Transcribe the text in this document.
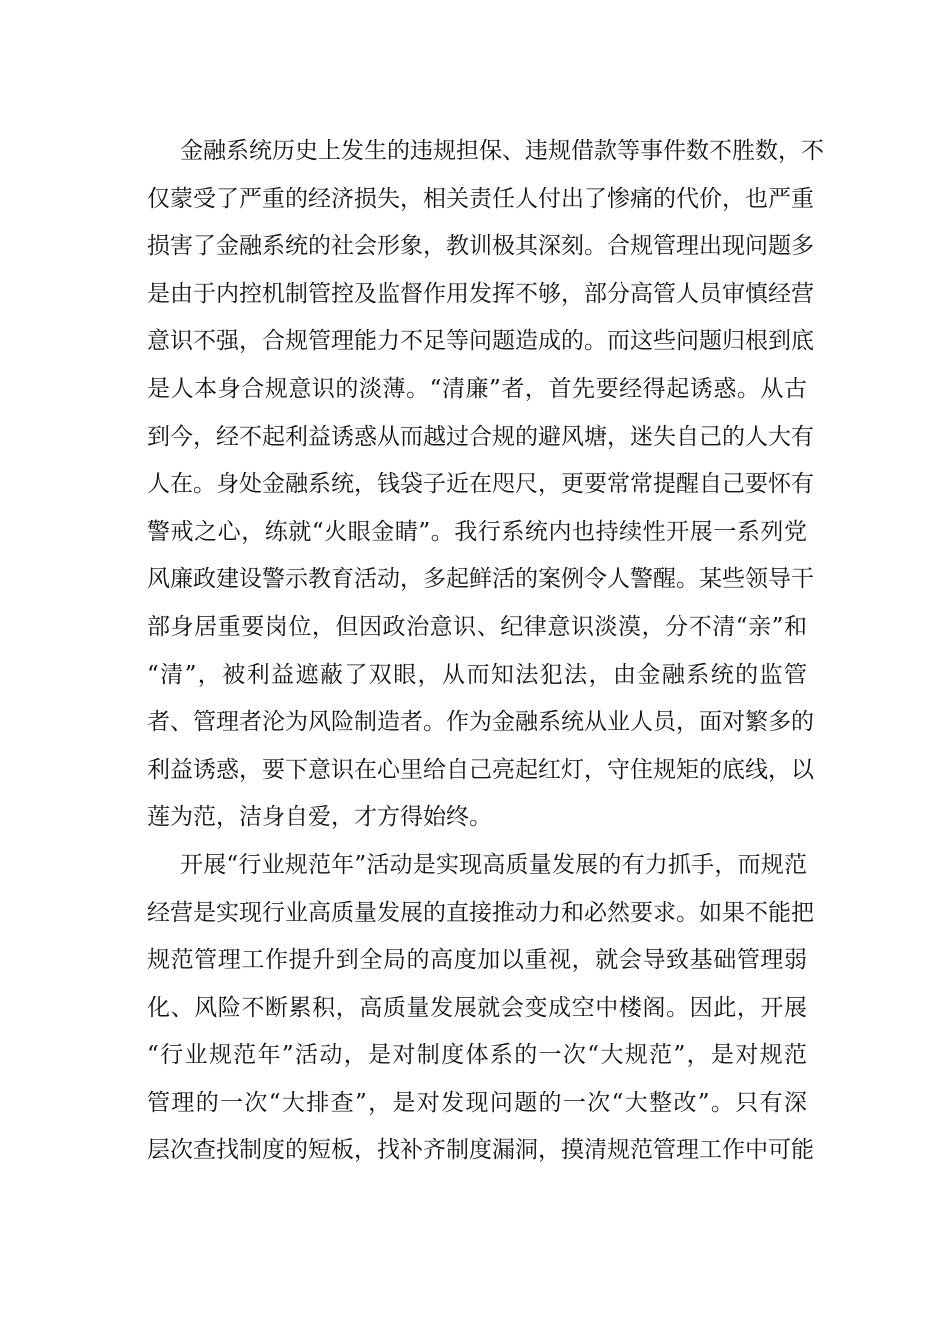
金融系统历史上发生的违规担保、违规借款等事件数不胜数，不
仅蒙受了严重的经济损失，相关责任人付出了惨痛的代价，也严重
损害了金融系统的社会形象，教训极其深刻。合规管理出现问题多
是由于内控机制管控及监督作用发挥不够，部分高管人员审慎经营
意识不强，合规管理能力不足等问题造成的。而这些问题归根到底
是人本身合规意识的淡薄。“清廉”者，首先要经得起诱惑。从古
到今，经不起利益诱惑从而越过合规的避风塘，迷失自己的人大有
人在。身处金融系统，钱袋子近在咫尺，更要常常提醒自己要怀有
警戒之心，练就“火眼金睛”。我行系统内也持续性开展一系列党
风廉政建设警示教育活动，多起鲜活的案例令人警醒。某些领导干
部身居重要岗位，但因政治意识、纪律意识淡漠，分不清“亲”和
“清”，被利益遮蔽了双眼，从而知法犯法，由金融系统的监管
者、管理者沦为风险制造者。作为金融系统从业人员，面对繁多的
利益诱惑，要下意识在心里给自己亮起红灯，守住规矩的底线，以
莲为范，洁身自爱，才方得始终。
开展“行业规范年”活动是实现高质量发展的有力抓手，而规范
经营是实现行业高质量发展的直接推动力和必然要求。如果不能把
规范管理工作提升到全局的高度加以重视，就会导致基础管理弱
化、风险不断累积，高质量发展就会变成空中楼阁。因此，开展
“行业规范年”活动，是对制度体系的一次“大规范”，是对规范
管理的一次“大排查”，是对发现问题的一次“大整改”。只有深
层次查找制度的短板，找补齐制度漏洞，摸清规范管理工作中可能
